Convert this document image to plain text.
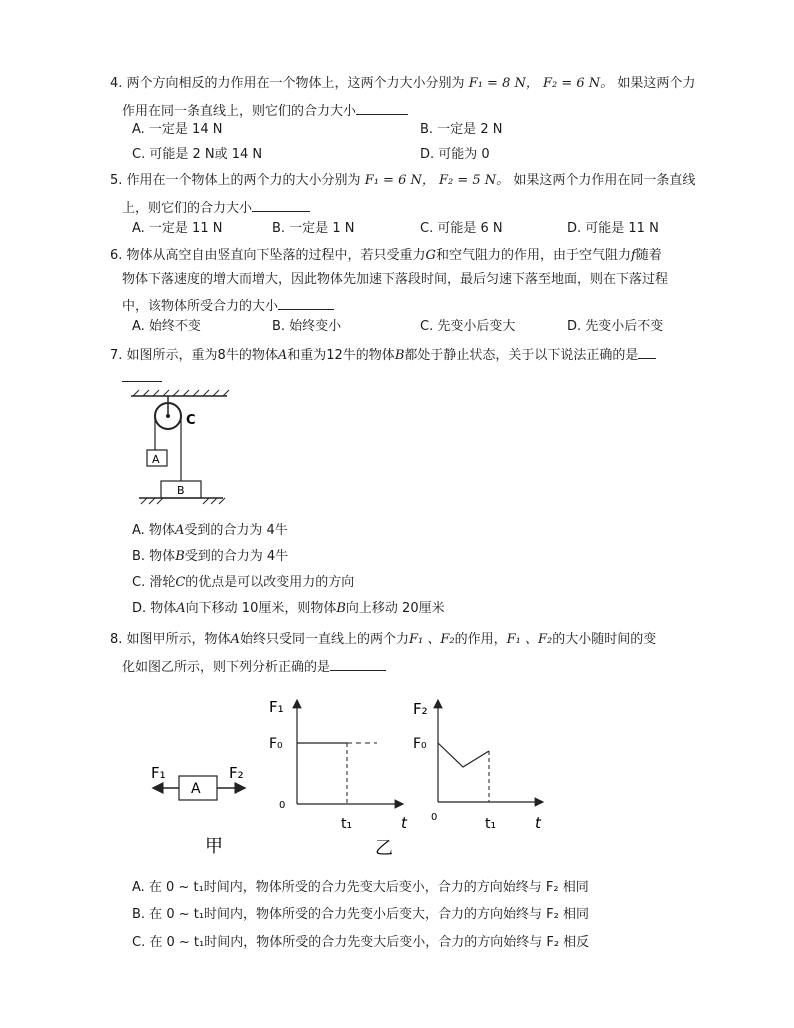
4. 两个方向相反的力作用在一个物体上，这两个力大小分别为 F₁ = 8 N， F₂ = 6 N。 如果这两个力
作用在同一条直线上，则它们的合力大小
A. 一定是 14 N	B. 一定是 2 N
C. 可能是 2 N或 14 N	D. 可能为 0
5. 作用在一个物体上的两个力的大小分别为 F₁ = 6 N， F₂ = 5 N。 如果这两个力作用在同一条直线
上，则它们的合力大小
A. 一定是 11 N	B. 一定是 1 N	C. 可能是 6 N	D. 可能是 11 N
6. 物体从高空自由竖直向下坠落的过程中，若只受重力G和空气阻力的作用，由于空气阻力f随着
物体下落速度的增大而增大，因此物体先加速下落段时间，最后匀速下落至地面，则在下落过程
中，该物体所受合力的大小
A. 始终不变	B. 始终变小	C. 先变小后变大	D. 先变小后不变
7. 如图所示，重为8牛的物体A和重为12牛的物体B都处于静止状态，关于以下说法正确的是
C
A
B
A. 物体A受到的合力为 4牛
B. 物体B受到的合力为 4牛
C. 滑轮C的优点是可以改变用力的方向
D. 物体A向下移动 10厘米，则物体B向上移动 20厘米
8. 如图甲所示，物体A始终只受同一直线上的两个力F₁ 、F₂的作用，F₁ 、F₂的大小随时间的变
化如图乙所示，则下列分析正确的是
F₁	F₂
A
甲
F₁
F₀
0
t₁	t
乙
F₂
F₀
0	t₁	t
A. 在 0 ~ t₁时间内，物体所受的合力先变大后变小，合力的方向始终与 F₂ 相同
B. 在 0 ~ t₁时间内，物体所受的合力先变小后变大，合力的方向始终与 F₂ 相同
C. 在 0 ~ t₁时间内，物体所受的合力先变大后变小，合力的方向始终与 F₂ 相反
